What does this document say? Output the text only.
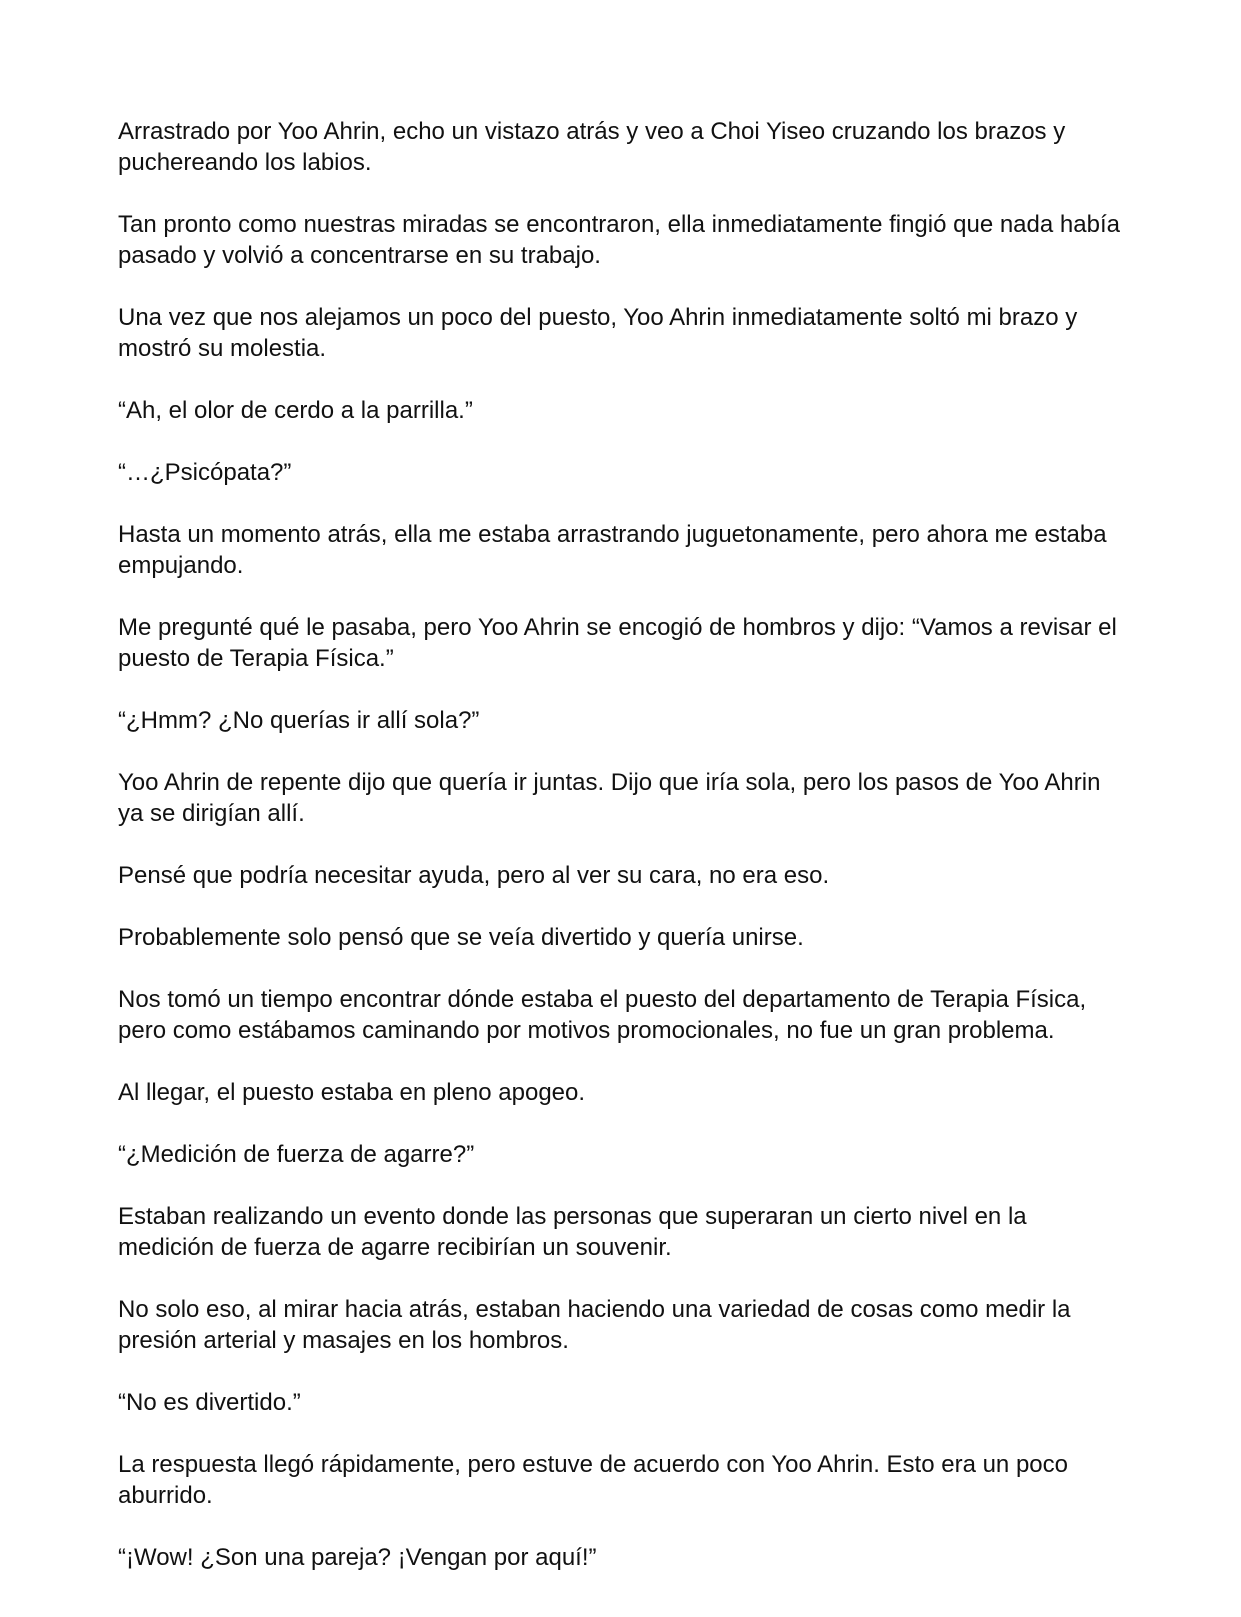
Arrastrado por Yoo Ahrin, echo un vistazo atrás y veo a Choi Yiseo cruzando los brazos y puchereando los labios.

Tan pronto como nuestras miradas se encontraron, ella inmediatamente fingió que nada había pasado y volvió a concentrarse en su trabajo.

Una vez que nos alejamos un poco del puesto, Yoo Ahrin inmediatamente soltó mi brazo y mostró su molestia.

“Ah, el olor de cerdo a la parrilla.”

“…¿Psicópata?”

Hasta un momento atrás, ella me estaba arrastrando juguetonamente, pero ahora me estaba empujando.

Me pregunté qué le pasaba, pero Yoo Ahrin se encogió de hombros y dijo: “Vamos a revisar el puesto de Terapia Física.”

“¿Hmm? ¿No querías ir allí sola?”

Yoo Ahrin de repente dijo que quería ir juntas. Dijo que iría sola, pero los pasos de Yoo Ahrin ya se dirigían allí.

Pensé que podría necesitar ayuda, pero al ver su cara, no era eso.

Probablemente solo pensó que se veía divertido y quería unirse.

Nos tomó un tiempo encontrar dónde estaba el puesto del departamento de Terapia Física, pero como estábamos caminando por motivos promocionales, no fue un gran problema.

Al llegar, el puesto estaba en pleno apogeo.

“¿Medición de fuerza de agarre?”

Estaban realizando un evento donde las personas que superaran un cierto nivel en la medición de fuerza de agarre recibirían un souvenir.

No solo eso, al mirar hacia atrás, estaban haciendo una variedad de cosas como medir la presión arterial y masajes en los hombros.

“No es divertido.”

La respuesta llegó rápidamente, pero estuve de acuerdo con Yoo Ahrin. Esto era un poco aburrido.

“¡Wow! ¿Son una pareja? ¡Vengan por aquí!”
